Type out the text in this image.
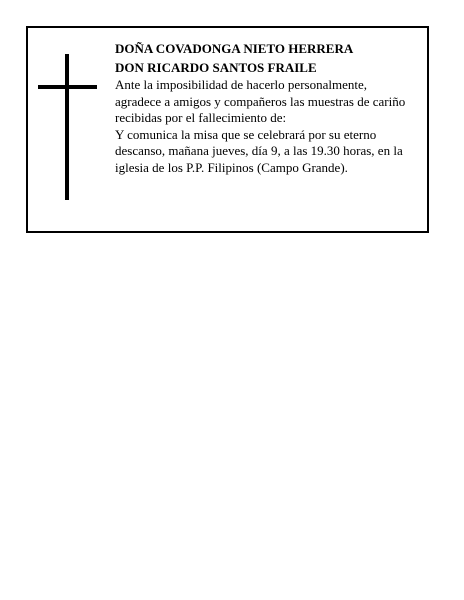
DOÑA COVADONGA NIETO HERRERA

DON RICARDO SANTOS FRAILE

Ante la imposibilidad de hacerlo personalmente,

agradece a amigos y compañeros las muestras de cariño

recibidas por el fallecimiento de:

Y comunica la misa que se celebrará por su eterno

descanso, mañana jueves, día 9, a las 19.30 horas, en la

iglesia de los P.P. Filipinos (Campo Grande).
